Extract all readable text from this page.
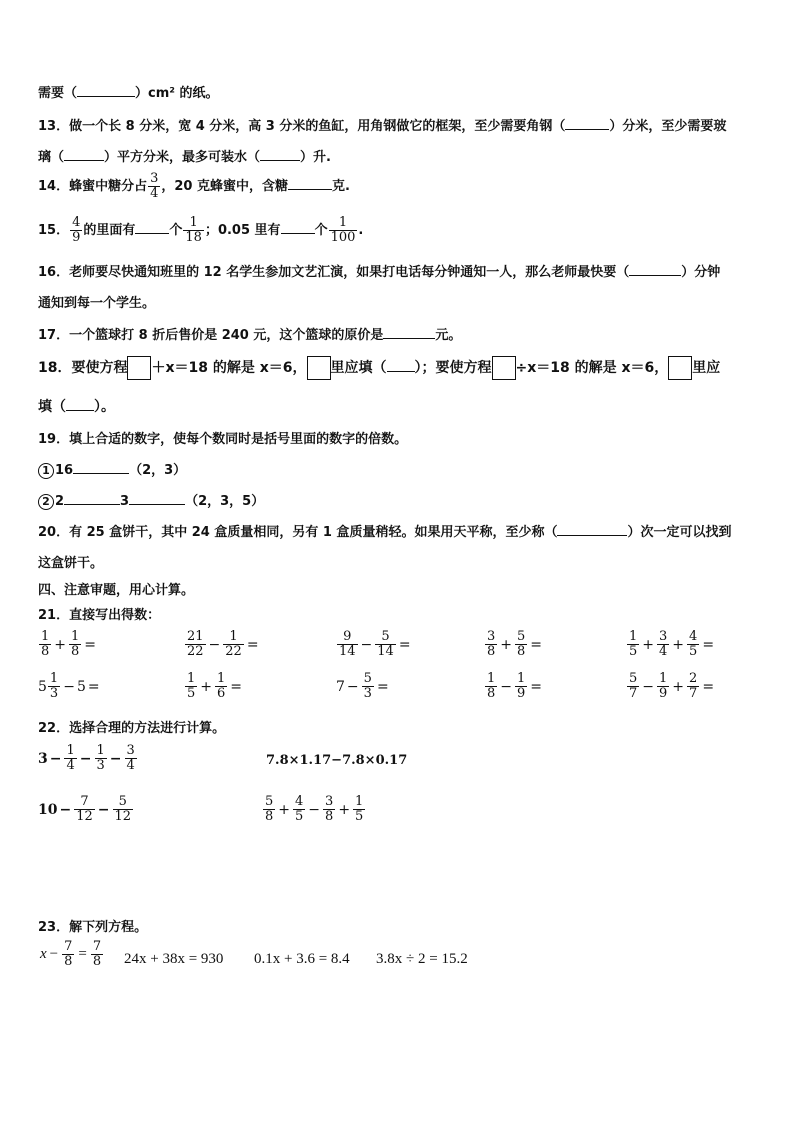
需要（	）cm² 的纸。
13．做一个长 8 分米，宽 4 分米，高 3 分米的鱼缸，用角钢做它的框架，至少需要角钢（	）分米，至少需要玻
璃（	）平方分米，最多可装水（	）升.
14．蜂蜜中糖分占 $\frac{3}{4}$ ，20 克蜂蜜中，含糖	克.
15． $\frac{4}{9}$ 的里面有	个 $\frac{1}{18}$ ；0.05 里有	个 $\frac{1}{100}$ .
16．老师要尽快通知班里的 12 名学生参加文艺汇演，如果打电话每分钟通知一人，那么老师最快要（	）分钟
通知到每一个学生。
17．一个篮球打 8 折后售价是 240 元，这个篮球的原价是	元。
18．要使方程 ＋x＝18 的解是 x＝6， 里应填（ ）；要使方程 ÷x＝18 的解是 x＝6， 里应
填（ ）。
19．填上合适的数字，使每个数同时是括号里面的数字的倍数。
1 16	（2，3）
2 2	3	（2，3，5）
20．有 25 盒饼干，其中 24 盒质量相同，另有 1 盒质量稍轻。如果用天平称，至少称（	）次一定可以找到
这盒饼干。
四、注意审题，用心计算。
21．直接写出得数：
22．选择合理的方法进行计算。
$3 - \frac{1}{4} - \frac{1}{3} - \frac{3}{4}$	7.8×1.17−7.8×0.17
$10 - \frac{7}{12} - \frac{5}{12}$	$\frac{5}{8} + \frac{4}{5} - \frac{3}{8} + \frac{1}{5}$
23．解下列方程。
$x - \frac{7}{8} = \frac{7}{8} 24x + 38x = 930$ 0.1x + 3.6 = 8.4 3.8x ÷ 2 = 15.2
$\frac{1}{8} + \frac{1}{8}$ =	$\frac{21}{22} - \frac{1}{22}$ =	$\frac{9}{14} - \frac{5}{14}$ =	$\frac{3}{8} + \frac{5}{8}$ =	$\frac{1}{5} + \frac{3}{4} + \frac{4}{5}$ =
$5 \frac{1}{3} - 5$ =	$\frac{1}{5} + \frac{1}{6}$ =	$7 - \frac{5}{3}$ =	$\frac{1}{8} - \frac{1}{9}$ =	$\frac{5}{7} - \frac{1}{9} + \frac{2}{7}$ =
